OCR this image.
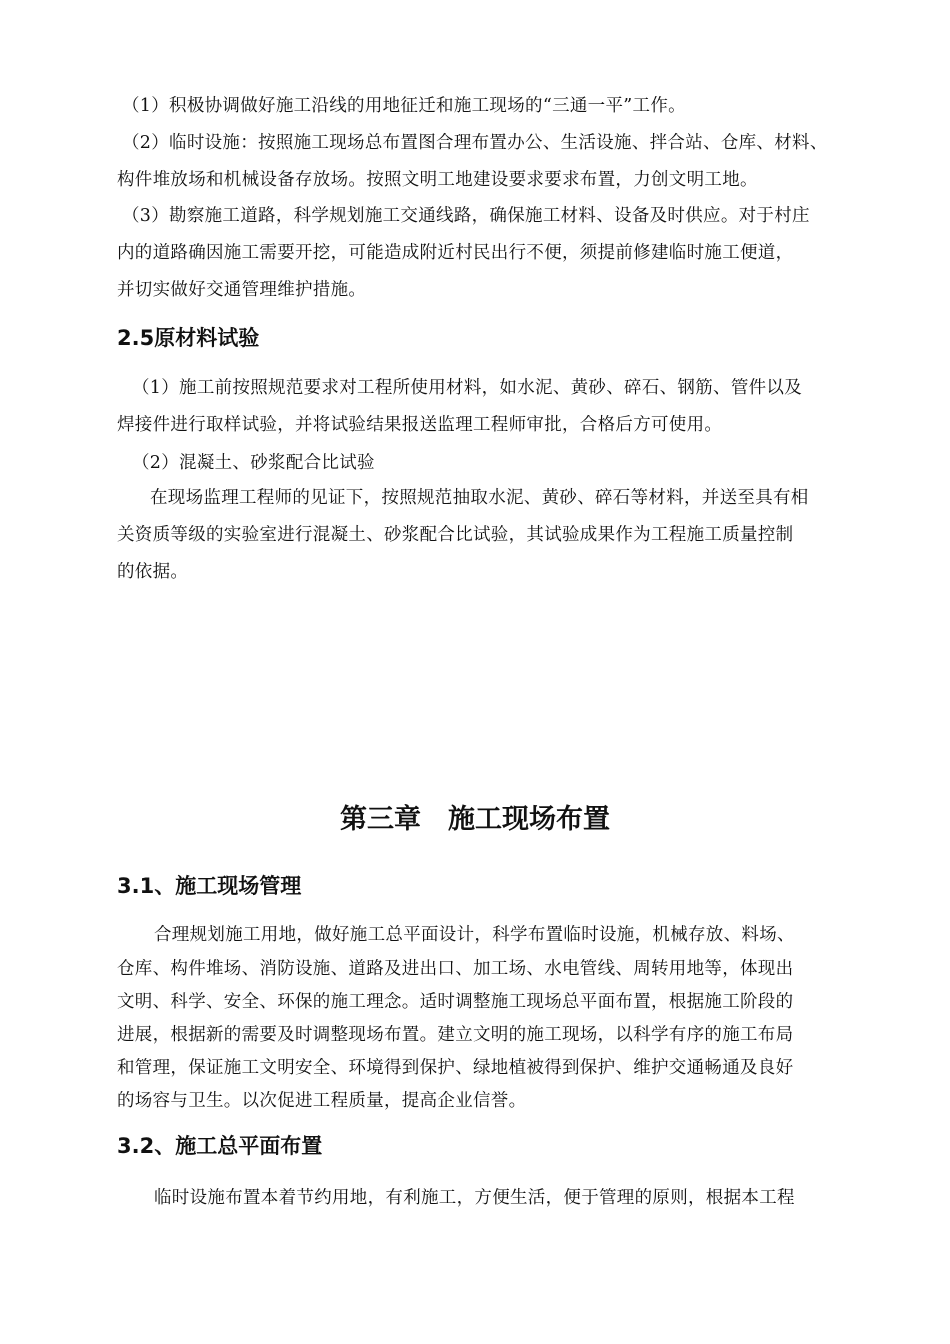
（1）积极协调做好施工沿线的用地征迁和施工现场的“三通一平”工作。
（2）临时设施：按照施工现场总布置图合理布置办公、生活设施、拌合站、仓库、材料、
构件堆放场和机械设备存放场。按照文明工地建设要求要求布置，力创文明工地。
（3）勘察施工道路，科学规划施工交通线路，确保施工材料、设备及时供应。对于村庄
内的道路确因施工需要开挖，可能造成附近村民出行不便，须提前修建临时施工便道，
并切实做好交通管理维护措施。
2.5原材料试验
（1）施工前按照规范要求对工程所使用材料，如水泥、黄砂、碎石、钢筋、管件以及
焊接件进行取样试验，并将试验结果报送监理工程师审批，合格后方可使用。
（2）混凝土、砂浆配合比试验
在现场监理工程师的见证下，按照规范抽取水泥、黄砂、碎石等材料，并送至具有相
关资质等级的实验室进行混凝土、砂浆配合比试验，其试验成果作为工程施工质量控制
的依据。
第三章　施工现场布置
3.1、施工现场管理
合理规划施工用地，做好施工总平面设计，科学布置临时设施，机械存放、料场、
仓库、构件堆场、消防设施、道路及进出口、加工场、水电管线、周转用地等，体现出
文明、科学、安全、环保的施工理念。适时调整施工现场总平面布置，根据施工阶段的
进展，根据新的需要及时调整现场布置。建立文明的施工现场，以科学有序的施工布局
和管理，保证施工文明安全、环境得到保护、绿地植被得到保护、维护交通畅通及良好
的场容与卫生。以次促进工程质量，提高企业信誉。
3.2、施工总平面布置
临时设施布置本着节约用地，有利施工，方便生活，便于管理的原则，根据本工程
